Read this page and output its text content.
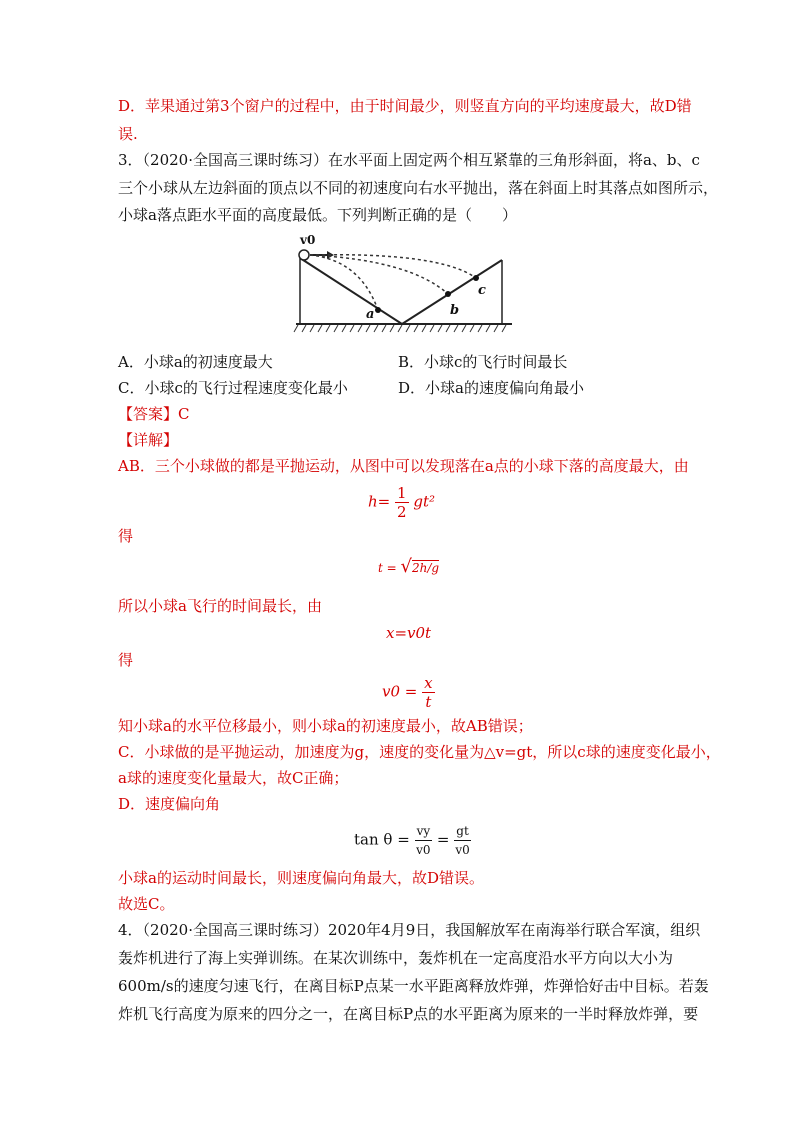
D．苹果通过第3个窗户的过程中，由于时间最少，则竖直方向的平均速度最大，故D错
误.
3．（2020·全国高三课时练习）在水平面上固定两个相互紧靠的三角形斜面，将a、b、c
三个小球从左边斜面的顶点以不同的初速度向右水平抛出，落在斜面上时其落点如图所示，
小球a落点距水平面的高度最低。下列判断正确的是（　　）
v0
a	b
c
A．小球a的初速度最大	B．小球c的飞行时间最长
C．小球c的飞行过程速度变化最小	D．小球a的速度偏向角最小
【答案】C
【详解】
AB．三个小球做的都是平抛运动，从图中可以发现落在a点的小球下落的高度最大，由
$h= \frac{1}{2} gt^2$
得
t = √2h/g
所以小球a飞行的时间最长，由
x=v0t
得
$v0 = \frac{x}{t}$
知小球a的水平位移最小，则小球a的初速度最小，故AB错误；
C．小球做的是平抛运动，加速度为g，速度的变化量为△v=gt，所以c球的速度变化最小，
a球的速度变化量最大，故C正确；
D．速度偏向角
$\tan \theta = \frac{vy}{v0} = \frac{gt}{v0}$
小球a的运动时间最长，则速度偏向角最大，故D错误。
故选C。
4．（2020·全国高三课时练习）2020年4月9日，我国解放军在南海举行联合军演，组织
轰炸机进行了海上实弹训练。在某次训练中，轰炸机在一定高度沿水平方向以大小为
600m/s的速度匀速飞行，在离目标P点某一水平距离释放炸弹，炸弹恰好击中目标。若轰
炸机飞行高度为原来的四分之一，在离目标P点的水平距离为原来的一半时释放炸弹，要
